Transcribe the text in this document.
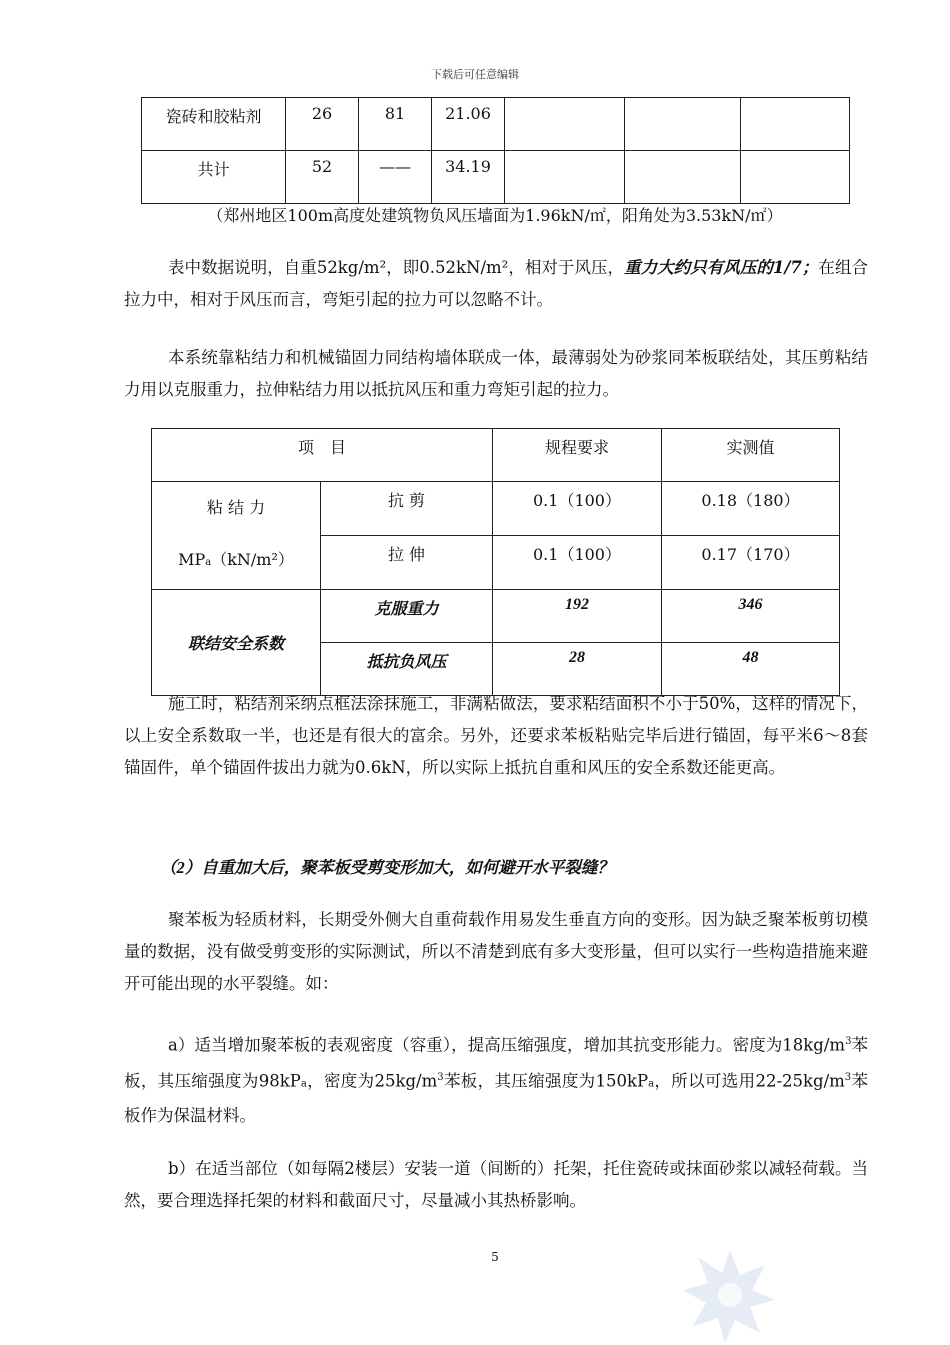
下载后可任意编辑
瓷砖和胶粘剂	26	81	21.06			
共计	52	——	34.19			
（郑州地区100m高度处建筑物负风压墙面为1.96kN/㎡，阳角处为3.53kN/㎡）

表中数据说明，自重52kg/m²，即0.52kN/m²，相对于风压，重力大约只有风压的1/7；在组合拉力中，相对于风压而言，弯矩引起的拉力可以忽略不计。

本系统靠粘结力和机械锚固力同结构墙体联成一体，最薄弱处为砂浆同苯板联结处，其压剪粘结力用以克服重力，拉伸粘结力用以抵抗风压和重力弯矩引起的拉力。

项　目		规程要求	实测值

粘 结 力
MPa（kN/m²）	抗 剪	0.1（100）	0.18（180）
	拉 伸	0.1（100）	0.17（170）
联结安全系数	克服重力	192	346
	抵抗负风压	28	48

施工时，粘结剂采纳点框法涂抹施工，非满粘做法，要求粘结面积不小于50%，这样的情况下，以上安全系数取一半，也还是有很大的富余。另外，还要求苯板粘贴完毕后进行锚固，每平米6～8套锚固件，单个锚固件拔出力就为0.6kN，所以实际上抵抗自重和风压的安全系数还能更高。

（2）自重加大后，聚苯板受剪变形加大，如何避开水平裂缝？

聚苯板为轻质材料，长期受外侧大自重荷载作用易发生垂直方向的变形。因为缺乏聚苯板剪切模量的数据，没有做受剪变形的实际测试，所以不清楚到底有多大变形量，但可以实行一些构造措施来避开可能出现的水平裂缝。如：

a）适当增加聚苯板的表观密度（容重），提高压缩强度，增加其抗变形能力。密度为$18kg/m^3$苯板，其压缩强度为98kPa，密度为$25kg/m^3$苯板，其压缩强度为150kPa，所以可选用$22-25kg/m^3$苯板作为保温材料。

b）在适当部位（如每隔2楼层）安装一道（间断的）托架，托住瓷砖或抹面砂浆以减轻荷载。当然，要合理选择托架的材料和截面尺寸，尽量减小其热桥影响。

5
